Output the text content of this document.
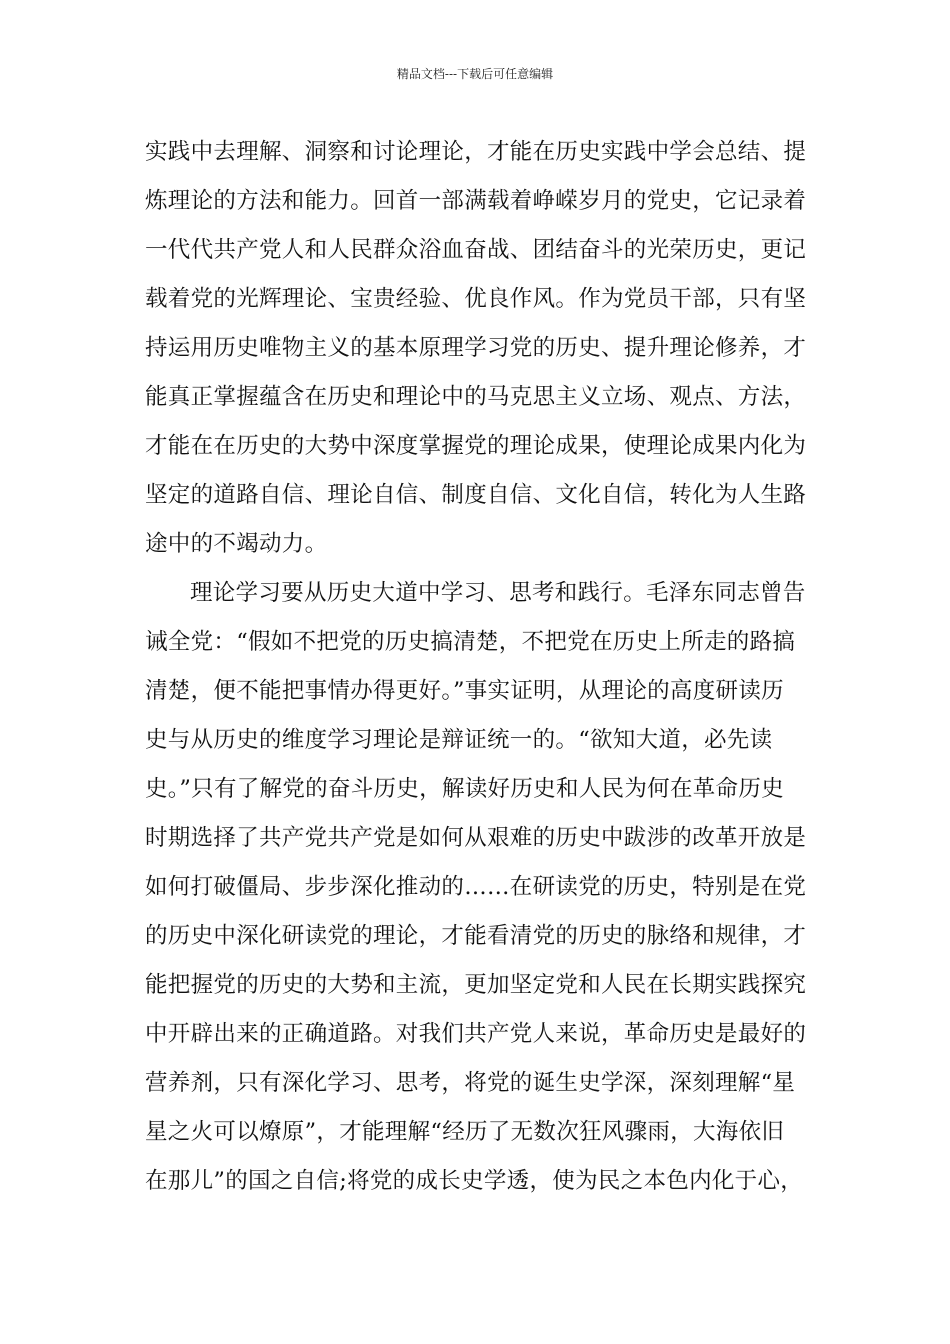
精品文档---下载后可任意编辑
实践中去理解、洞察和讨论理论，才能在历史实践中学会总结、提
炼理论的方法和能力。回首一部满载着峥嵘岁月的党史，它记录着
一代代共产党人和人民群众浴血奋战、团结奋斗的光荣历史，更记
载着党的光辉理论、宝贵经验、优良作风。作为党员干部，只有坚
持运用历史唯物主义的基本原理学习党的历史、提升理论修养，才
能真正掌握蕴含在历史和理论中的马克思主义立场、观点、方法，
才能在在历史的大势中深度掌握党的理论成果，使理论成果内化为
坚定的道路自信、理论自信、制度自信、文化自信，转化为人生路
途中的不竭动力。
理论学习要从历史大道中学习、思考和践行。毛泽东同志曾告
诫全党：“假如不把党的历史搞清楚，不把党在历史上所走的路搞
清楚，便不能把事情办得更好。”事实证明，从理论的高度研读历
史与从历史的维度学习理论是辩证统一的。“欲知大道，必先读
史。”只有了解党的奋斗历史，解读好历史和人民为何在革命历史
时期选择了共产党共产党是如何从艰难的历史中跋涉的改革开放是
如何打破僵局、步步深化推动的……在研读党的历史，特别是在党
的历史中深化研读党的理论，才能看清党的历史的脉络和规律，才
能把握党的历史的大势和主流，更加坚定党和人民在长期实践探究
中开辟出来的正确道路。对我们共产党人来说，革命历史是最好的
营养剂，只有深化学习、思考，将党的诞生史学深，深刻理解“星
星之火可以燎原”，才能理解“经历了无数次狂风骤雨，大海依旧
在那儿”的国之自信;将党的成长史学透，使为民之本色内化于心，
